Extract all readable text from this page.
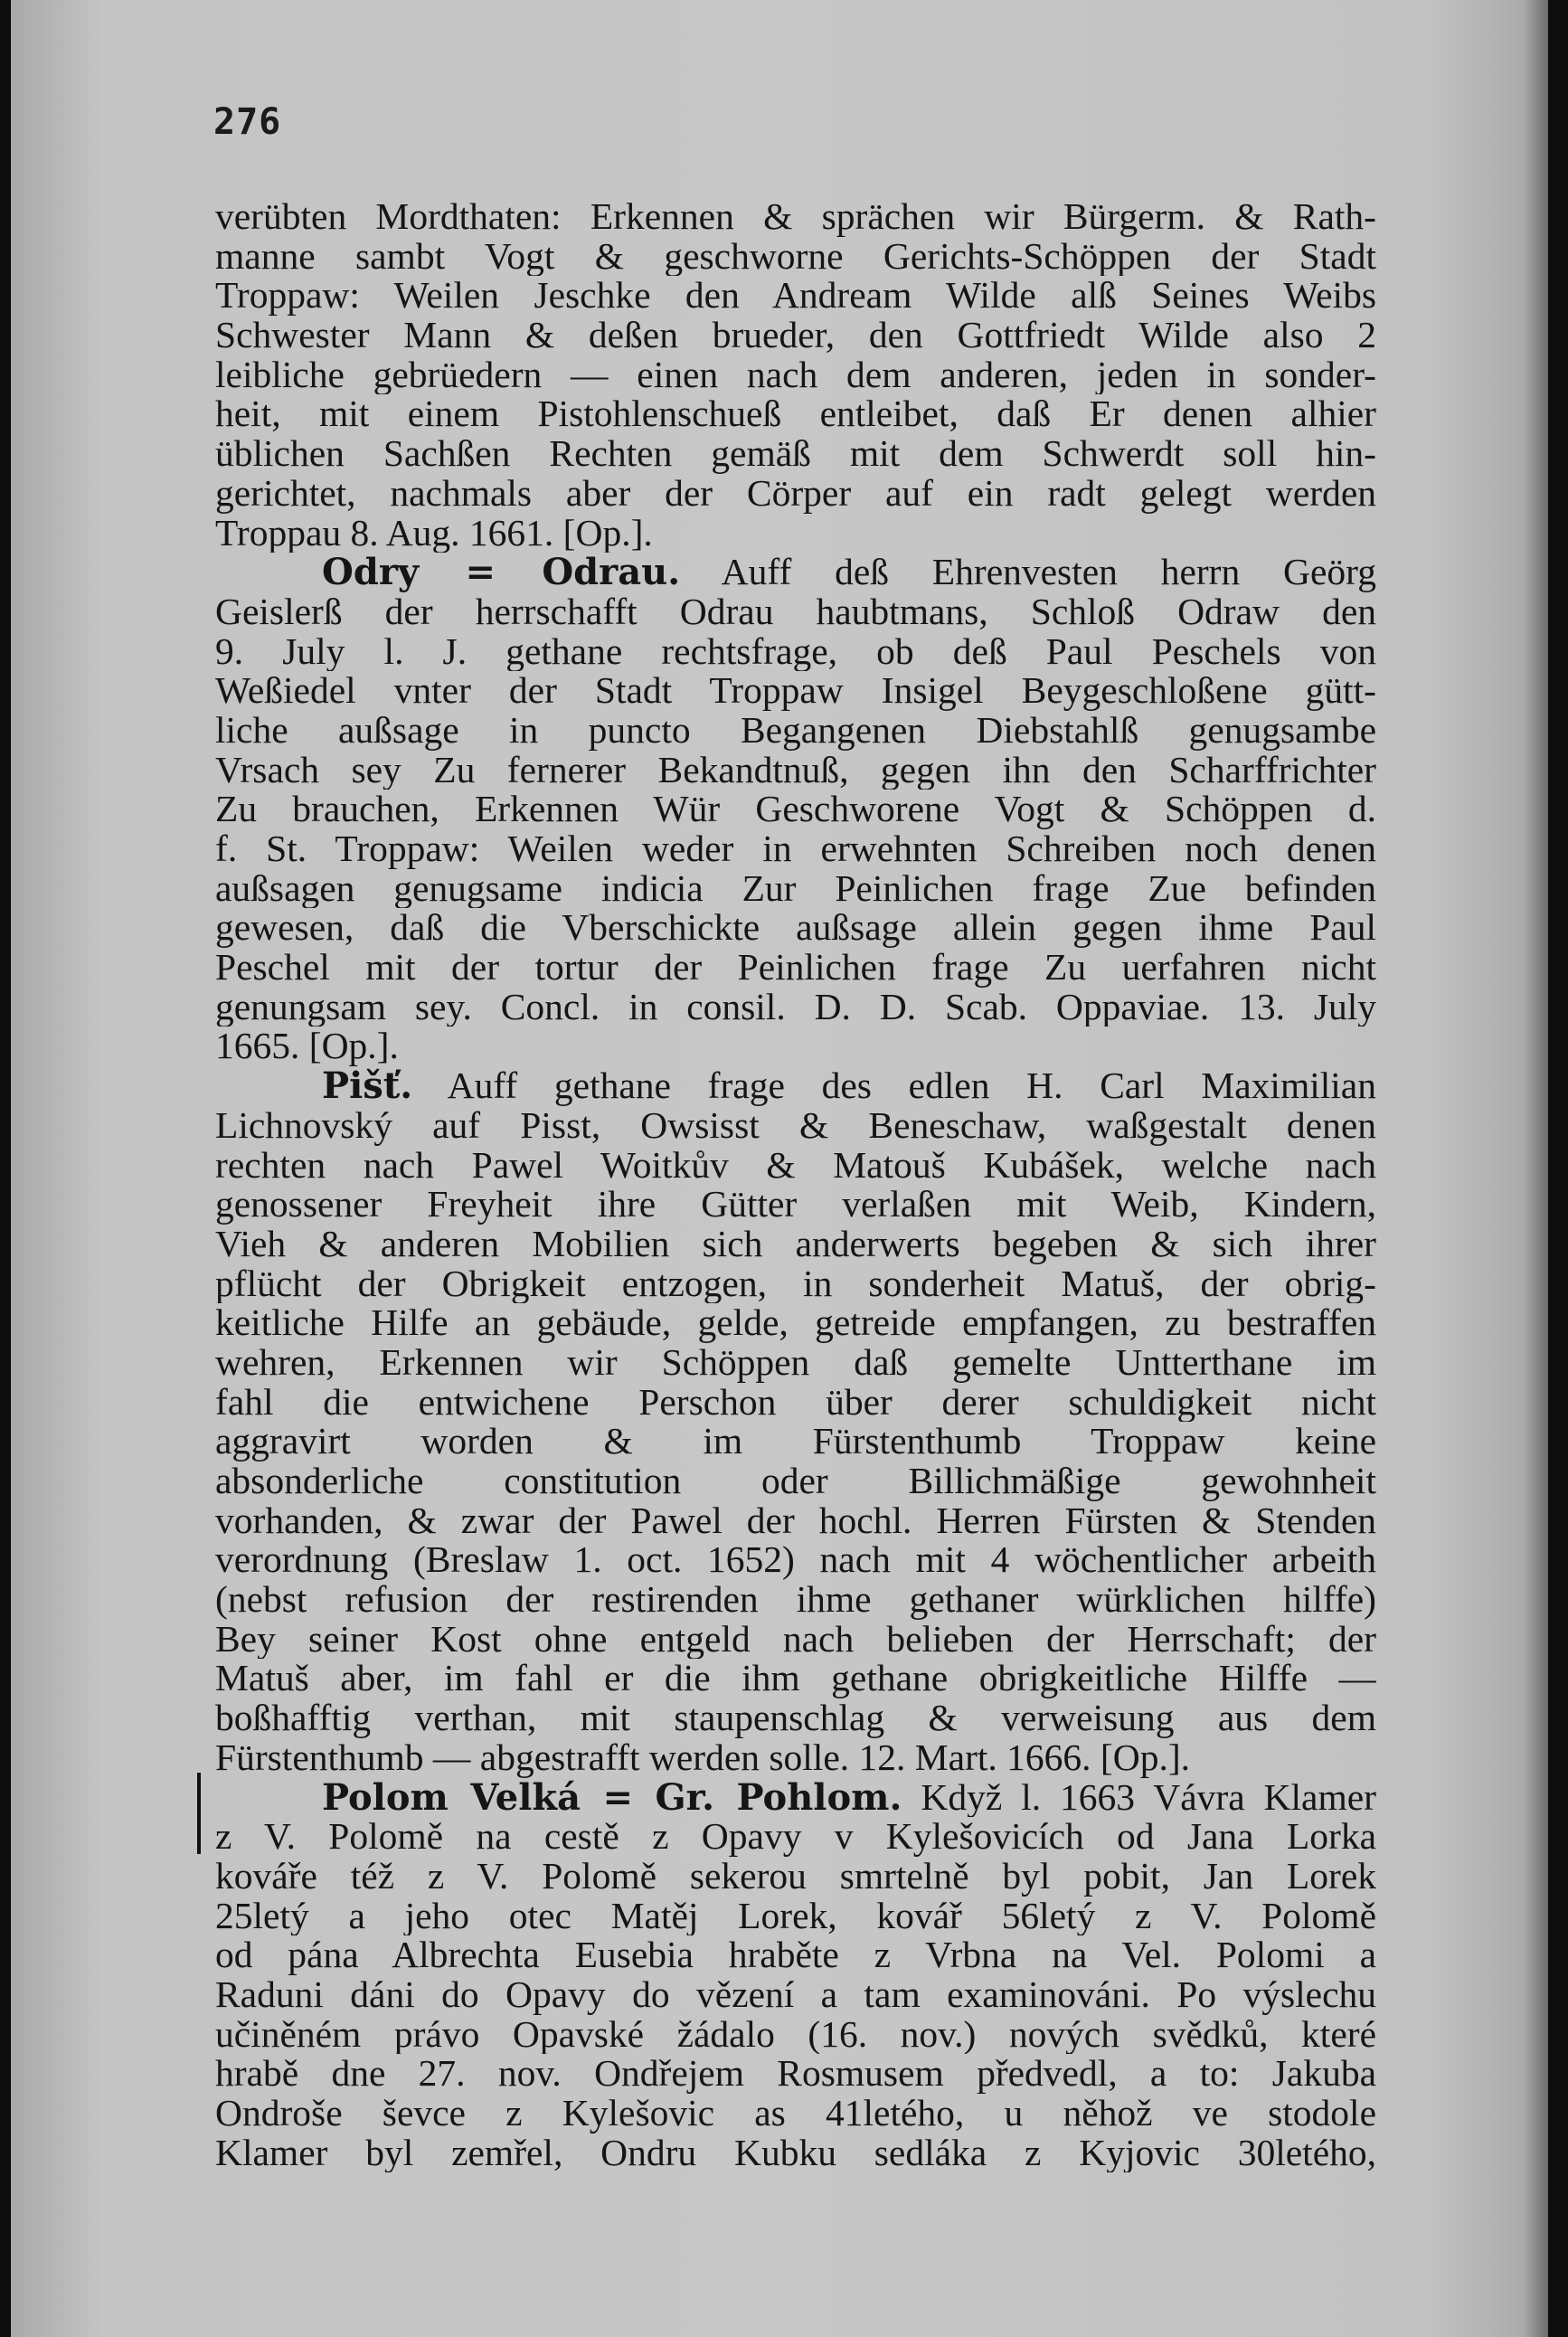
276
verübten Mordthaten: Erkennen & sprächen wir Bürgerm. & Rath-
manne sambt Vogt & geschworne Gerichts-Schöppen der Stadt
Troppaw: Weilen Jeschke den Andream Wilde alß Seines Weibs
Schwester Mann & deßen brueder, den Gottfriedt Wilde also 2
leibliche gebrüedern — einen nach dem anderen, jeden in sonder-
heit, mit einem Pistohlenschueß entleibet, daß Er denen alhier
üblichen Sachßen Rechten gemäß mit dem Schwerdt soll hin-
gerichtet, nachmals aber der Cörper auf ein radt gelegt werden
Troppau 8. Aug. 1661. [Op.].
Odry = Odrau. Auff deß Ehrenvesten herrn Geörg
Geislerß der herrschafft Odrau haubtmans, Schloß Odraw den
9. July l. J. gethane rechtsfrage, ob deß Paul Peschels von
Weßiedel vnter der Stadt Troppaw Insigel Beygeschloßene gütt-
liche außsage in puncto Begangenen Diebstahlß genugsambe
Vrsach sey Zu fernerer Bekandtnuß, gegen ihn den Scharffrichter
Zu brauchen, Erkennen Wür Geschworene Vogt & Schöppen d.
f. St. Troppaw: Weilen weder in erwehnten Schreiben noch denen
außsagen genugsame indicia Zur Peinlichen frage Zue befinden
gewesen, daß die Vberschickte außsage allein gegen ihme Paul
Peschel mit der tortur der Peinlichen frage Zu uerfahren nicht
genungsam sey. Concl. in consil. D. D. Scab. Oppaviae. 13. July
1665. [Op.].
Pišť. Auff gethane frage des edlen H. Carl Maximilian
Lichnovský auf Pisst, Owsisst & Beneschaw, waßgestalt denen
rechten nach Pawel Woitkův & Matouš Kubášek, welche nach
genossener Freyheit ihre Gütter verlaßen mit Weib, Kindern,
Vieh & anderen Mobilien sich anderwerts begeben & sich ihrer
pflücht der Obrigkeit entzogen, in sonderheit Matuš, der obrig-
keitliche Hilfe an gebäude, gelde, getreide empfangen, zu bestraffen
wehren, Erkennen wir Schöppen daß gemelte Untterthane im
fahl die entwichene Perschon über derer schuldigkeit nicht
aggravirt worden & im Fürstenthumb Troppaw keine
absonderliche constitution oder Billichmäßige gewohnheit
vorhanden, & zwar der Pawel der hochl. Herren Fürsten & Stenden
verordnung (Breslaw 1. oct. 1652) nach mit 4 wöchentlicher arbeith
(nebst refusion der restirenden ihme gethaner würklichen hilffe)
Bey seiner Kost ohne entgeld nach belieben der Herrschaft; der
Matuš aber, im fahl er die ihm gethane obrigkeitliche Hilffe —
boßhafftig verthan, mit staupenschlag & verweisung aus dem
Fürstenthumb — abgestrafft werden solle. 12. Mart. 1666. [Op.].
Polom Velká = Gr. Pohlom. Když l. 1663 Vávra Klamer
z V. Polomě na cestě z Opavy v Kylešovicích od Jana Lorka
kováře též z V. Polomě sekerou smrtelně byl pobit, Jan Lorek
25letý a jeho otec Matěj Lorek, kovář 56letý z V. Polomě
od pána Albrechta Eusebia hraběte z Vrbna na Vel. Polomi a
Raduni dáni do Opavy do vězení a tam examinováni. Po výslechu
učiněném právo Opavské žádalo (16. nov.) nových svědků, které
hrabě dne 27. nov. Ondřejem Rosmusem předvedl, a to: Jakuba
Ondroše ševce z Kylešovic as 41letého, u něhož ve stodole
Klamer byl zemřel, Ondru Kubku sedláka z Kyjovic 30letého,
